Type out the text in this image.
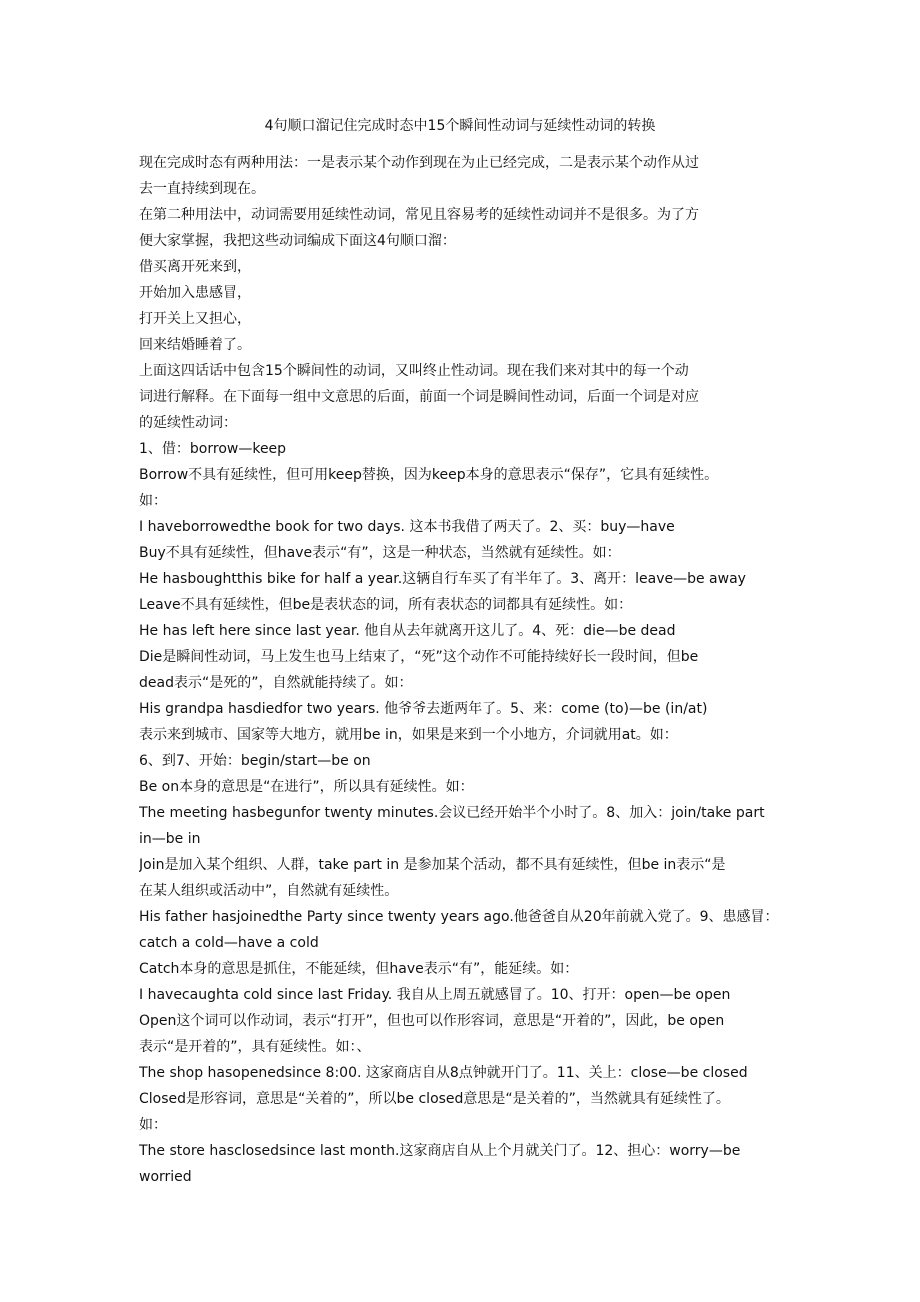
4句顺口溜记住完成时态中15个瞬间性动词与延续性动词的转换
现在完成时态有两种用法：一是表示某个动作到现在为止已经完成，二是表示某个动作从过
去一直持续到现在。
在第二种用法中，动词需要用延续性动词，常见且容易考的延续性动词并不是很多。为了方
便大家掌握，我把这些动词编成下面这4句顺口溜：
借买离开死来到，
开始加入患感冒，
打开关上又担心，
回来结婚睡着了。
上面这四话话中包含15个瞬间性的动词，又叫终止性动词。现在我们来对其中的每一个动
词进行解释。在下面每一组中文意思的后面，前面一个词是瞬间性动词，后面一个词是对应
的延续性动词：
1、借：borrow—keep
Borrow不具有延续性，但可用keep替换，因为keep本身的意思表示“保存”，它具有延续性。
如：
I haveborrowedthe book for two days. 这本书我借了两天了。2、买：buy—have
Buy不具有延续性，但have表示“有”，这是一种状态，当然就有延续性。如：
He hasboughtthis bike for half a year.这辆自行车买了有半年了。3、离开：leave—be away
Leave不具有延续性，但be是表状态的词，所有表状态的词都具有延续性。如：
He has left here since last year. 他自从去年就离开这儿了。4、死：die—be dead
Die是瞬间性动词，马上发生也马上结束了，“死”这个动作不可能持续好长一段时间，但be
dead表示“是死的”，自然就能持续了。如：
His grandpa hasdiedfor two years. 他爷爷去逝两年了。5、来：come (to)—be (in/at)
表示来到城市、国家等大地方，就用be in，如果是来到一个小地方，介词就用at。如：
6、到7、开始：begin/start—be on
Be on本身的意思是“在进行”，所以具有延续性。如：
The meeting hasbegunfor twenty minutes.会议已经开始半个小时了。8、加入：join/take part
in—be in
Join是加入某个组织、人群，take part in 是参加某个活动，都不具有延续性，但be in表示“是
在某人组织或活动中”，自然就有延续性。
His father hasjoinedthe Party since twenty years ago.他爸爸自从20年前就入党了。9、患感冒：
catch a cold—have a cold
Catch本身的意思是抓住，不能延续，但have表示“有”，能延续。如：
I havecaughta cold since last Friday. 我自从上周五就感冒了。10、打开：open—be open
Open这个词可以作动词，表示“打开”，但也可以作形容词，意思是“开着的”，因此，be open
表示“是开着的”，具有延续性。如：、
The shop hasopenedsince 8:00. 这家商店自从8点钟就开门了。11、关上：close—be closed
Closed是形容词，意思是“关着的”，所以be closed意思是“是关着的”，当然就具有延续性了。
如：
The store hasclosedsince last month.这家商店自从上个月就关门了。12、担心：worry—be
worried
